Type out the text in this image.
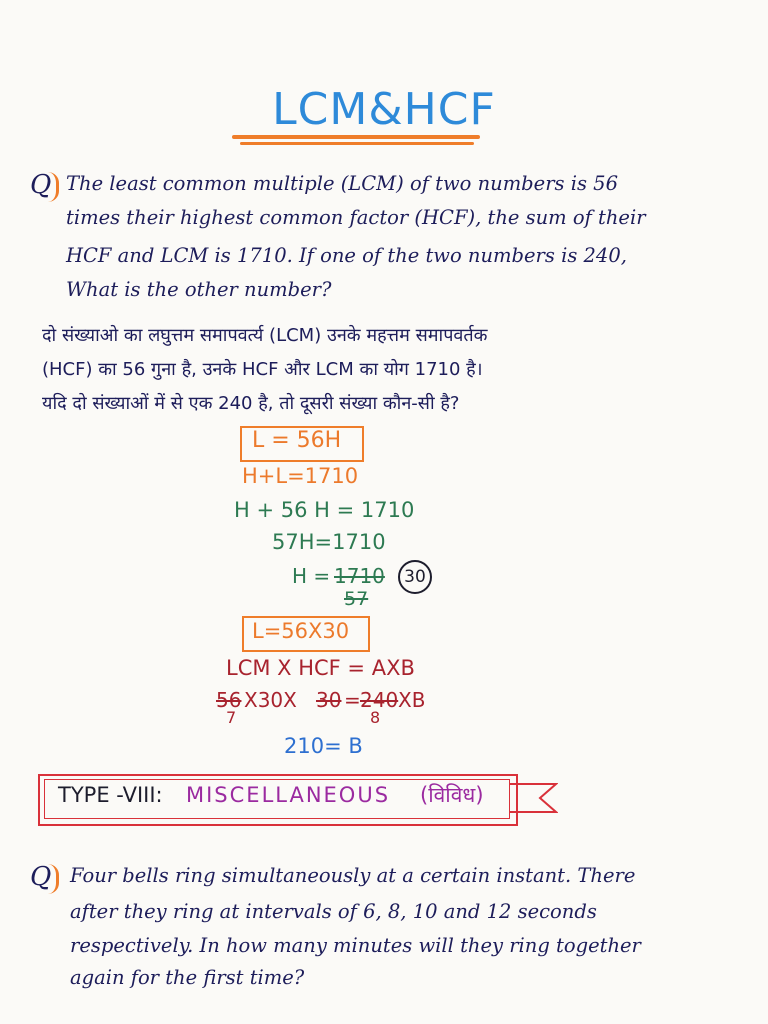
LCM&HCF
Q The least common multiple (LCM) of two numbers is 56
times their highest common factor (HCF), the sum of their
HCF and LCM is 1710. If one of the two numbers is 240,
What is the other number?
दो संख्याओ का लघुत्तम समापवर्त्य (LCM) उनके महत्तम समापवर्तक
(HCF) का 56 गुना है, उनके HCF और LCM का योग 1710 है।
यदि दो संख्याओं में से एक 240 है, तो दूसरी संख्या कौन-सी है?
L = 56H
H+L=1710
H + 56 H = 1710
57H=1710
H = 1710
57
30
L=56X30
LCM X HCF = AXB
56 X30X 30 = 240 XB
7	8
210= B
TYPE -VIII: MISCELLANEOUS (विविध)
Q Four bells ring simultaneously at a certain instant. There
after they ring at intervals of 6, 8, 10 and 12 seconds
respectively. In how many minutes will they ring together
again for the first time?
